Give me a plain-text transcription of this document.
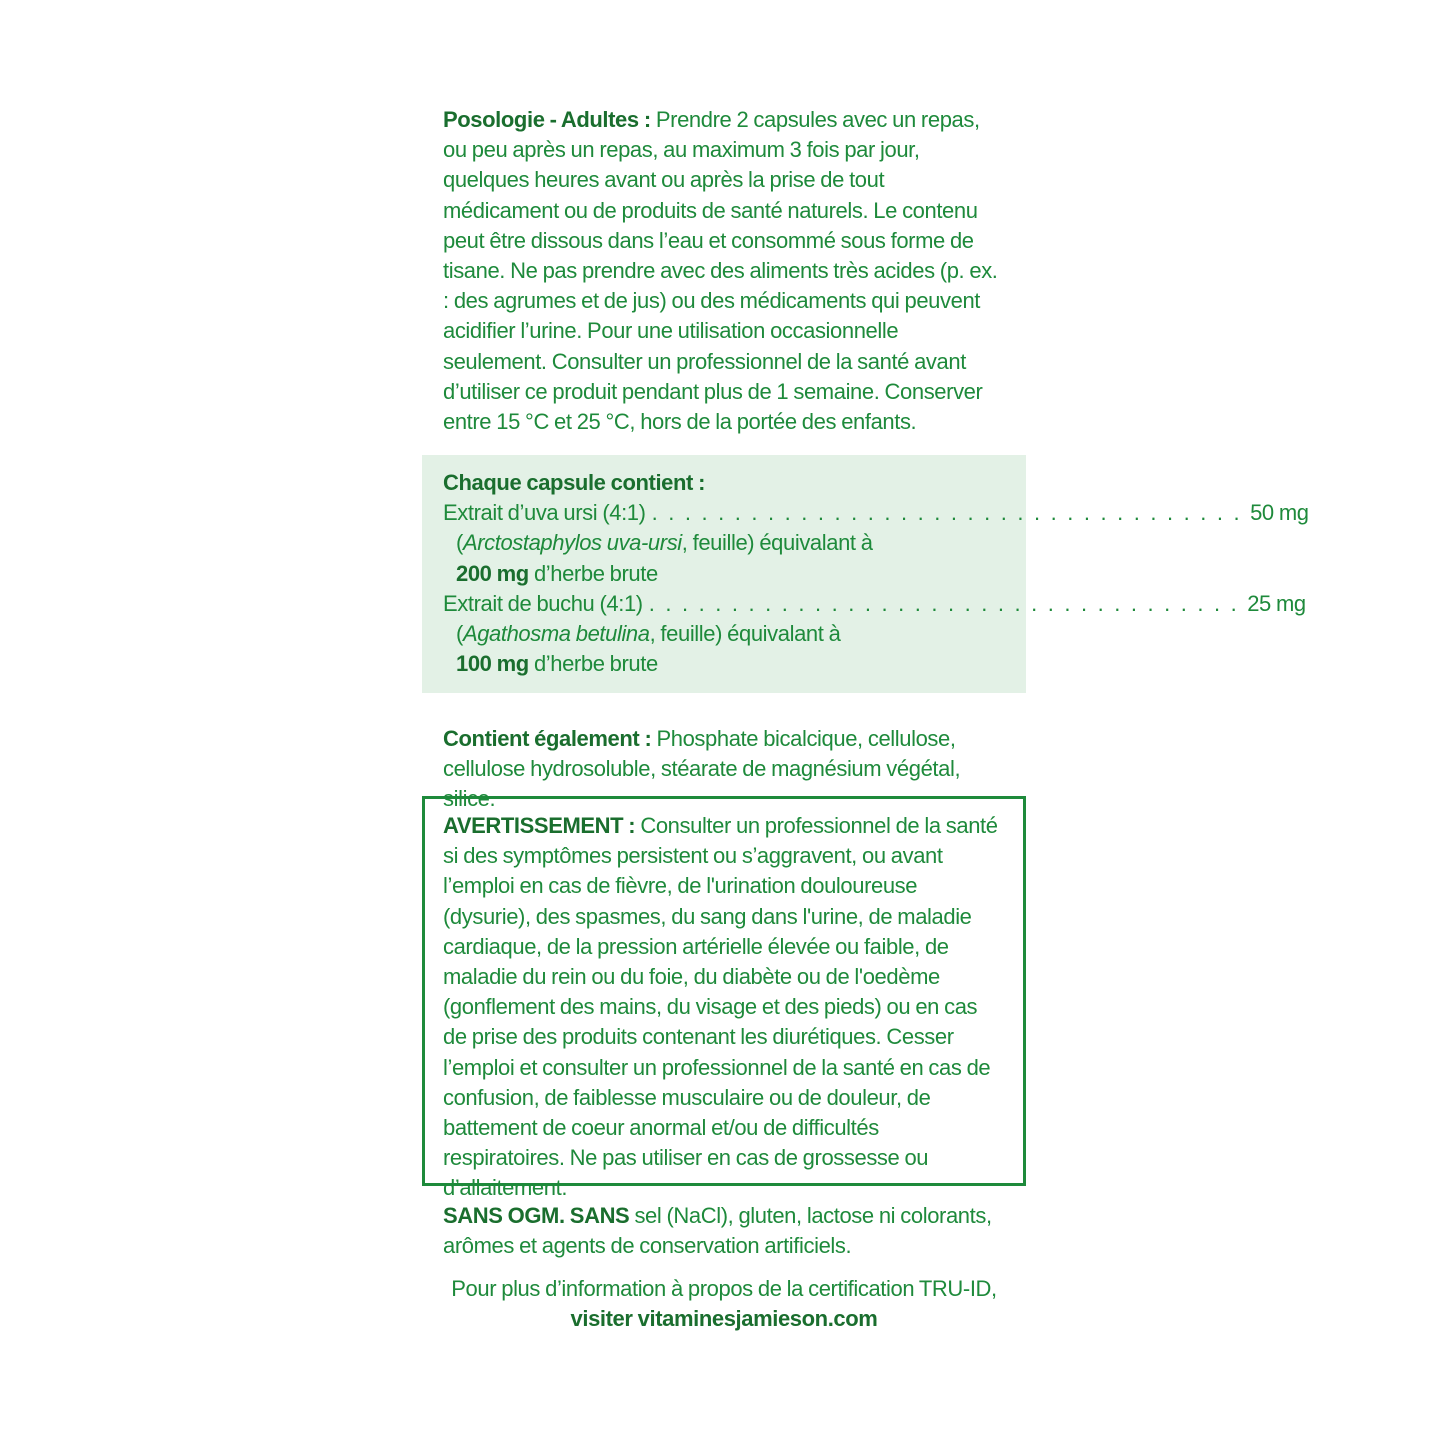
Posologie - Adultes : Prendre 2 capsules avec un repas, ou peu après un repas, au maximum 3 fois par jour, quelques heures avant ou après la prise de tout médicament ou de produits de santé naturels. Le contenu peut être dissous dans l’eau et consommé sous forme de tisane. Ne pas prendre avec des aliments très acides (p. ex. : des agrumes et de jus) ou des médicaments qui peuvent acidifier l’urine. Pour une utilisation occasionnelle seulement. Consulter un professionnel de la santé avant d’utiliser ce produit pendant plus de 1 semaine. Conserver entre 15 °C et 25 °C, hors de la portée des enfants.
Chaque capsule contient :
Extrait d’uva ursi (4:1) . . . . . . . . . . . . . . . . . . . . . . . . . . . . . . . . . . . . 50 mg
(Arctostaphylos uva-ursi, feuille) équivalant à
200 mg d’herbe brute
Extrait de buchu (4:1) . . . . . . . . . . . . . . . . . . . . . . . . . . . . . . . . . . . . 25 mg
(Agathosma betulina, feuille) équivalant à
100 mg d’herbe brute
Contient également : Phosphate bicalcique, cellulose, cellulose hydrosoluble, stéarate de magnésium végétal, silice.
AVERTISSEMENT : Consulter un professionnel de la santé si des symptômes persistent ou s’aggravent, ou avant l’emploi en cas de fièvre, de l'urination douloureuse (dysurie), des spasmes, du sang dans l'urine, de maladie cardiaque, de la pression artérielle élevée ou faible, de maladie du rein ou du foie, du diabète ou de l'oedème (gonflement des mains, du visage et des pieds) ou en cas de prise des produits contenant les diurétiques. Cesser l’emploi et consulter un professionnel de la santé en cas de confusion, de faiblesse musculaire ou de douleur, de battement de coeur anormal et/ou de difficultés respiratoires. Ne pas utiliser en cas de grossesse ou d’allaitement.
SANS OGM. SANS sel (NaCl), gluten, lactose ni colorants, arômes et agents de conservation artificiels.
Pour plus d’information à propos de la certification TRU-ID,
visiter vitaminesjamieson.com
